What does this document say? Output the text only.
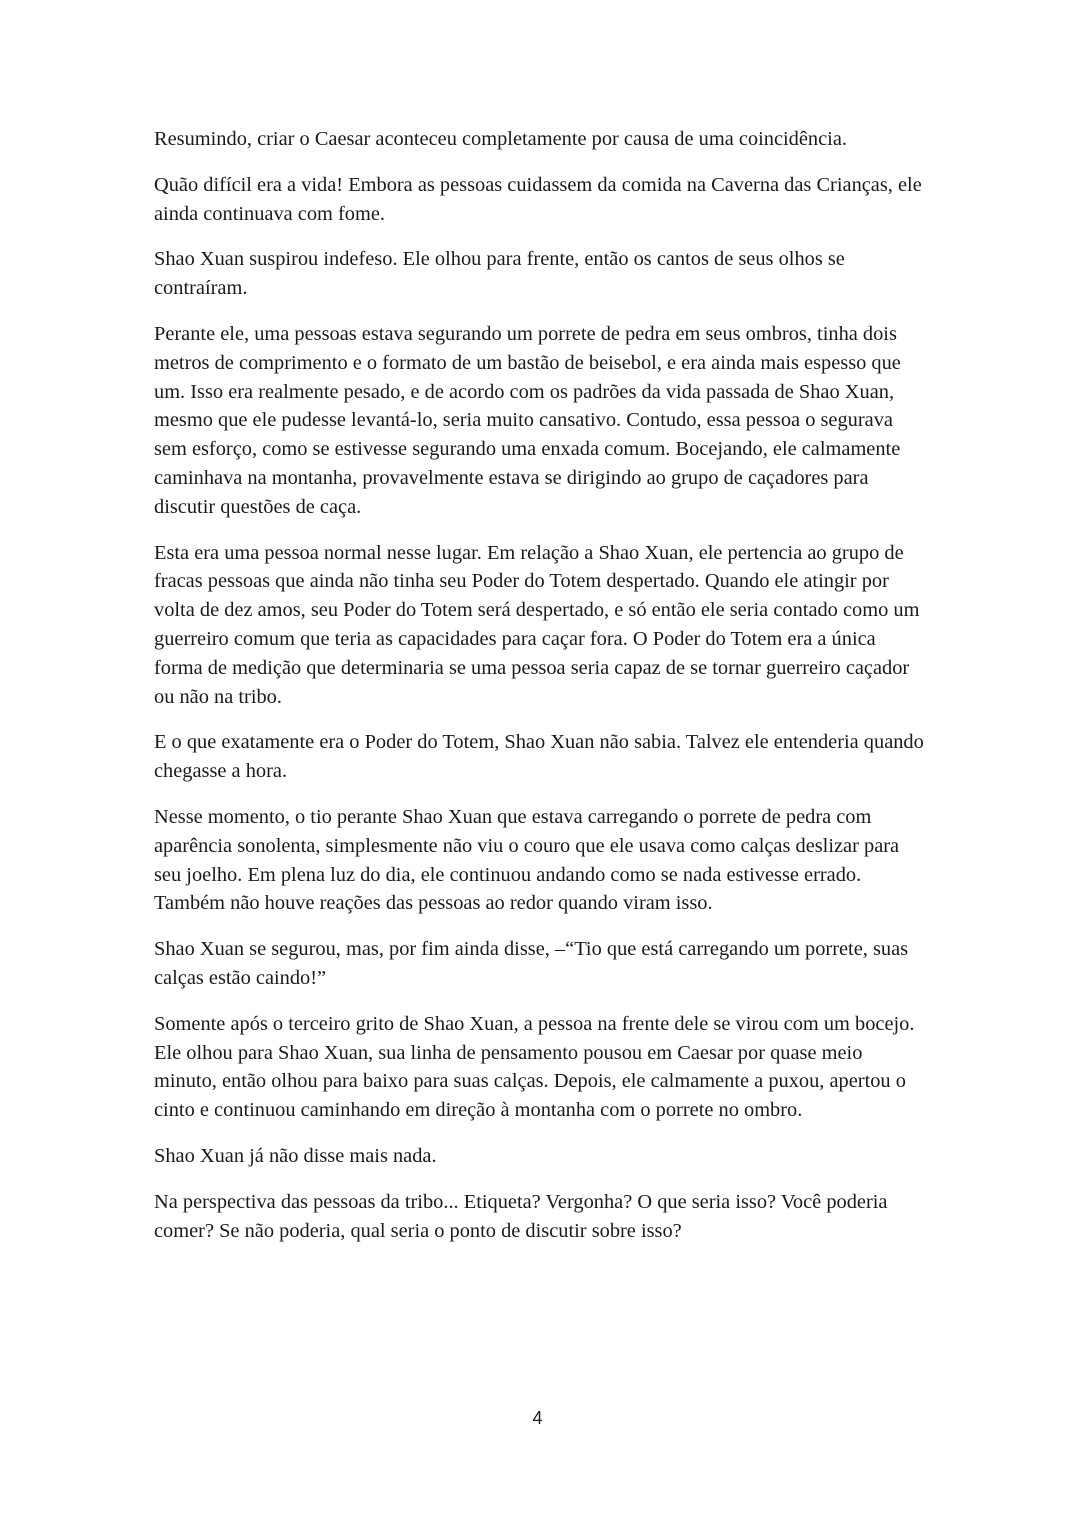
Resumindo, criar o Caesar aconteceu completamente por causa de uma coincidência.

Quão difícil era a vida! Embora as pessoas cuidassem da comida na Caverna das Crianças, ele ainda continuava com fome.

Shao Xuan suspirou indefeso. Ele olhou para frente, então os cantos de seus olhos se contraíram.

Perante ele, uma pessoas estava segurando um porrete de pedra em seus ombros, tinha dois metros de comprimento e o formato de um bastão de beisebol, e era ainda mais espesso que um. Isso era realmente pesado, e de acordo com os padrões da vida passada de Shao Xuan, mesmo que ele pudesse levantá-lo, seria muito cansativo. Contudo, essa pessoa o segurava sem esforço, como se estivesse segurando uma enxada comum. Bocejando, ele calmamente caminhava na montanha, provavelmente estava se dirigindo ao grupo de caçadores para discutir questões de caça.

Esta era uma pessoa normal nesse lugar. Em relação a Shao Xuan, ele pertencia ao grupo de fracas pessoas que ainda não tinha seu Poder do Totem despertado. Quando ele atingir por volta de dez amos, seu Poder do Totem será despertado, e só então ele seria contado como um guerreiro comum que teria as capacidades para caçar fora. O Poder do Totem era a única forma de medição que determinaria se uma pessoa seria capaz de se tornar guerreiro caçador ou não na tribo.

E o que exatamente era o Poder do Totem, Shao Xuan não sabia. Talvez ele entenderia quando chegasse a hora.

Nesse momento, o tio perante Shao Xuan que estava carregando o porrete de pedra com aparência sonolenta, simplesmente não viu o couro que ele usava como calças deslizar para seu joelho. Em plena luz do dia, ele continuou andando como se nada estivesse errado. Também não houve reações das pessoas ao redor quando viram isso.

Shao Xuan se segurou, mas, por fim ainda disse, –“Tio que está carregando um porrete, suas calças estão caindo!”

Somente após o terceiro grito de Shao Xuan, a pessoa na frente dele se virou com um bocejo. Ele olhou para Shao Xuan, sua linha de pensamento pousou em Caesar por quase meio minuto, então olhou para baixo para suas calças. Depois, ele calmamente a puxou, apertou o cinto e continuou caminhando em direção à montanha com o porrete no ombro.

Shao Xuan já não disse mais nada.

Na perspectiva das pessoas da tribo... Etiqueta? Vergonha? O que seria isso? Você poderia comer? Se não poderia, qual seria o ponto de discutir sobre isso?

4
